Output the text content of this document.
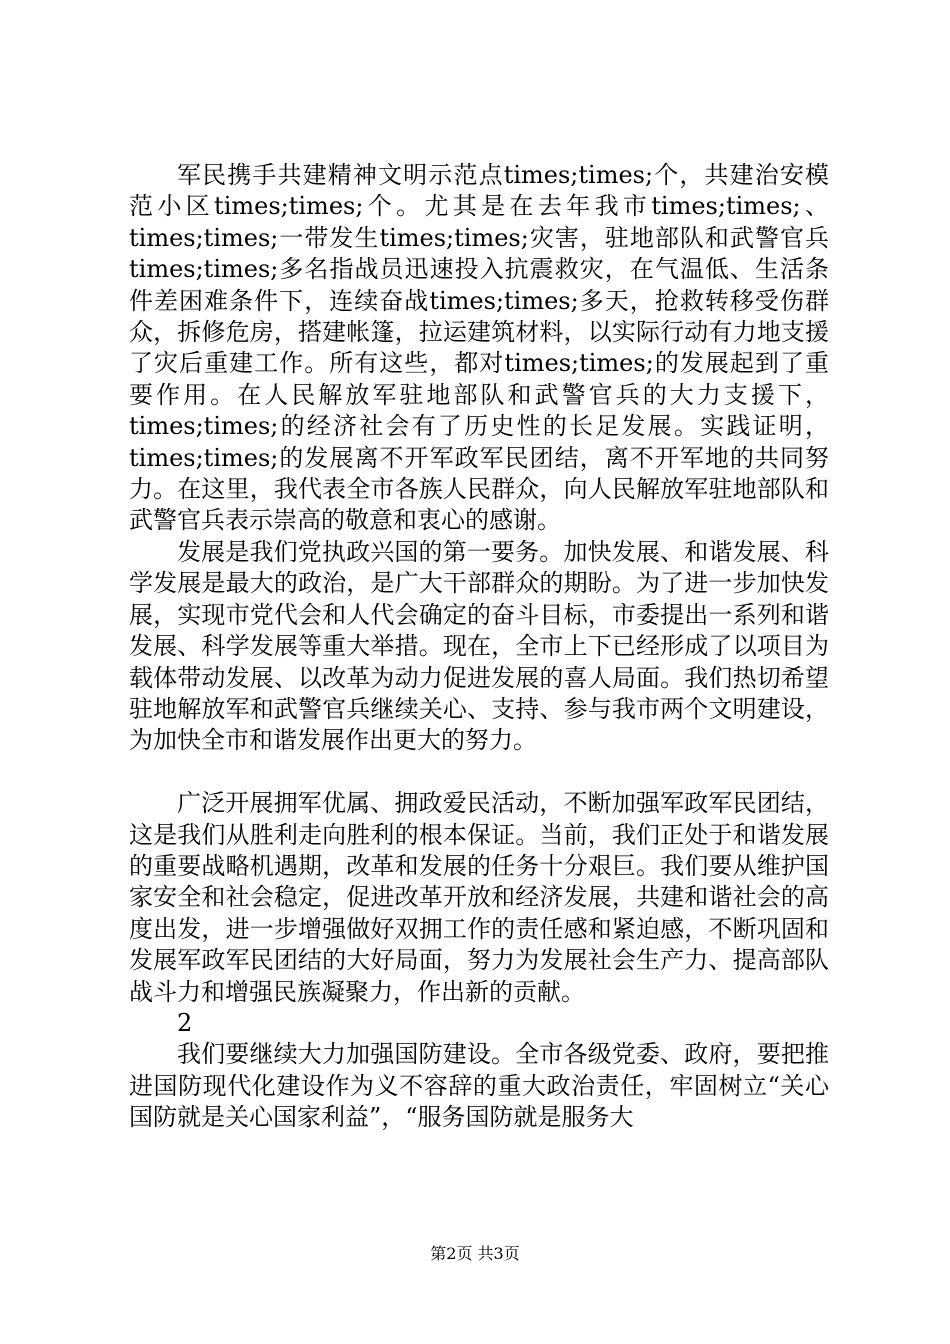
军民携手共建精神文明示范点times;times;个，共建治安模范小区times;times;个。尤其是在去年我市times;times;、times;times;一带发生times;times;灾害，驻地部队和武警官兵times;times;多名指战员迅速投入抗震救灾，在气温低、生活条件差困难条件下，连续奋战times;times;多天，抢救转移受伤群众，拆修危房，搭建帐篷，拉运建筑材料，以实际行动有力地支援了灾后重建工作。所有这些，都对times;times;的发展起到了重要作用。在人民解放军驻地部队和武警官兵的大力支援下，times;times;的经济社会有了历史性的长足发展。实践证明，times;times;的发展离不开军政军民团结，离不开军地的共同努力。在这里，我代表全市各族人民群众，向人民解放军驻地部队和武警官兵表示崇高的敬意和衷心的感谢。

发展是我们党执政兴国的第一要务。加快发展、和谐发展、科学发展是最大的政治，是广大干部群众的期盼。为了进一步加快发展，实现市党代会和人代会确定的奋斗目标，市委提出一系列和谐发展、科学发展等重大举措。现在，全市上下已经形成了以项目为载体带动发展、以改革为动力促进发展的喜人局面。我们热切希望驻地解放军和武警官兵继续关心、支持、参与我市两个文明建设，为加快全市和谐发展作出更大的努力。

广泛开展拥军优属、拥政爱民活动，不断加强军政军民团结，这是我们从胜利走向胜利的根本保证。当前，我们正处于和谐发展的重要战略机遇期，改革和发展的任务十分艰巨。我们要从维护国家安全和社会稳定，促进改革开放和经济发展，共建和谐社会的高度出发，进一步增强做好双拥工作的责任感和紧迫感，不断巩固和发展军政军民团结的大好局面，努力为发展社会生产力、提高部队战斗力和增强民族凝聚力，作出新的贡献。

2

我们要继续大力加强国防建设。全市各级党委、政府，要把推进国防现代化建设作为义不容辞的重大政治责任，牢固树立“关心国防就是关心国家利益”，“服务国防就是服务大

第2页 共3页
